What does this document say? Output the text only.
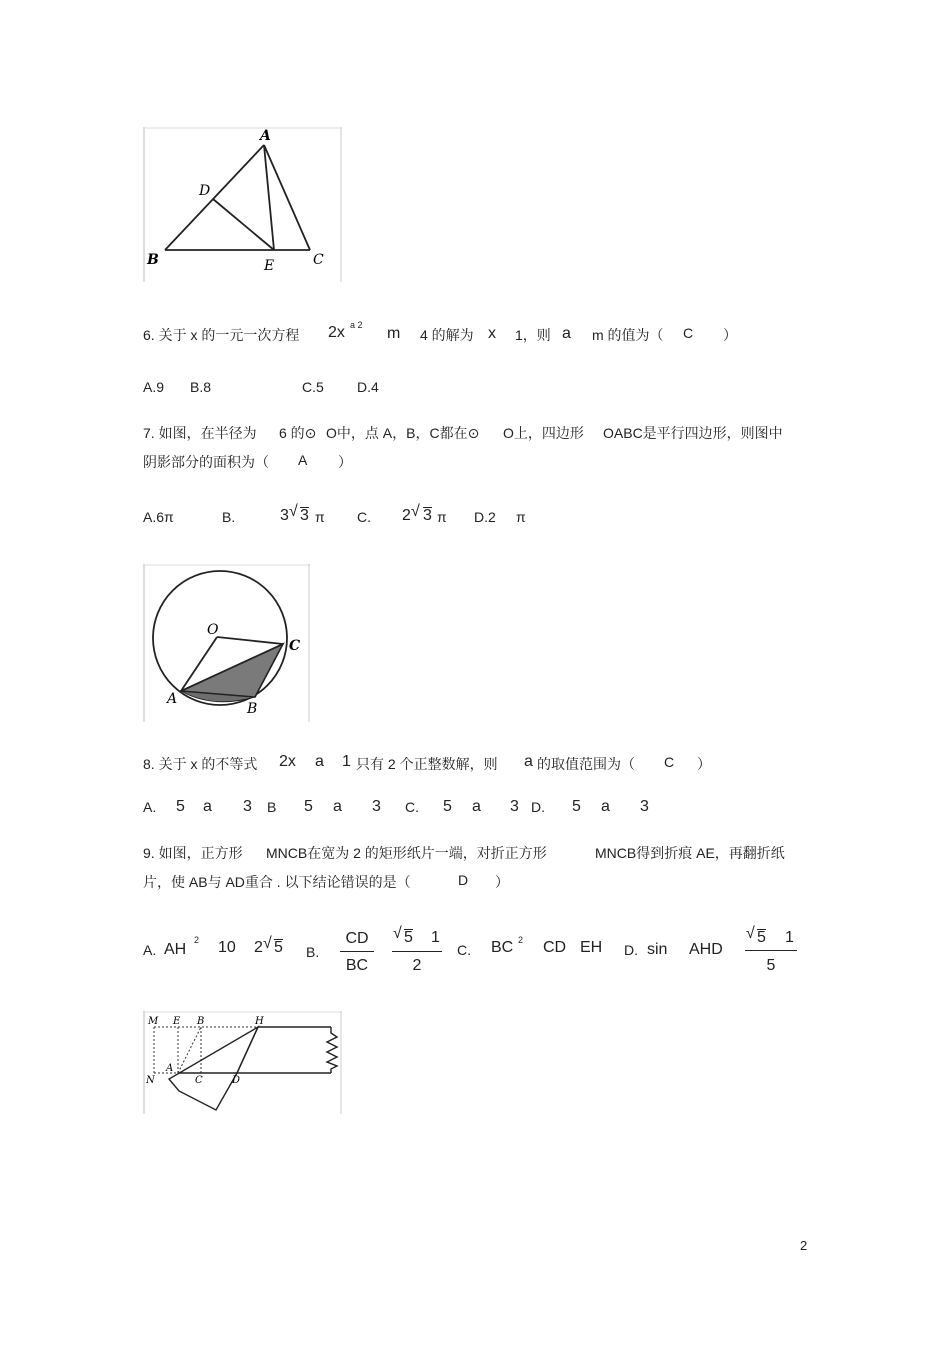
A
D
B	E	C
6. 关于 x 的一元一次方程 2x a 2 m 4 的解为 x 1，则 a m 的值为（ C ）
A.9 B.8	C.5 D.4
7. 如图，在半径为 6 的⊙ O中，点 A，B，C都在⊙ O上，四边形 OABC是平行四边形，则图中
阴影部分的面积为（ A ）
A.6π	B.	3 √ 3 π C. 2 √ 3 π D.2 π
O
C
A
B
8. 关于 x 的不等式 2x a 1 只有 2 个正整数解，则 a 的取值范围为（ C ）
A. 5 a 3 B 5 a 3 C. 5 a 3 D. 5 a 3
9. 如图，正方形 MNCB在宽为 2 的矩形纸片一端，对折正方形	MNCB得到折痕 AE，再翻折纸
片，使 AB与 AD重合 . 以下结论错误的是（	D ）
A. AH
2 10 2 √ 5 B.
CD
BC
√ 5 1
2
C. BC 2 CD EH D. sin AHD
√ 5 1
5
M E B	H
N
A
C	D
2
